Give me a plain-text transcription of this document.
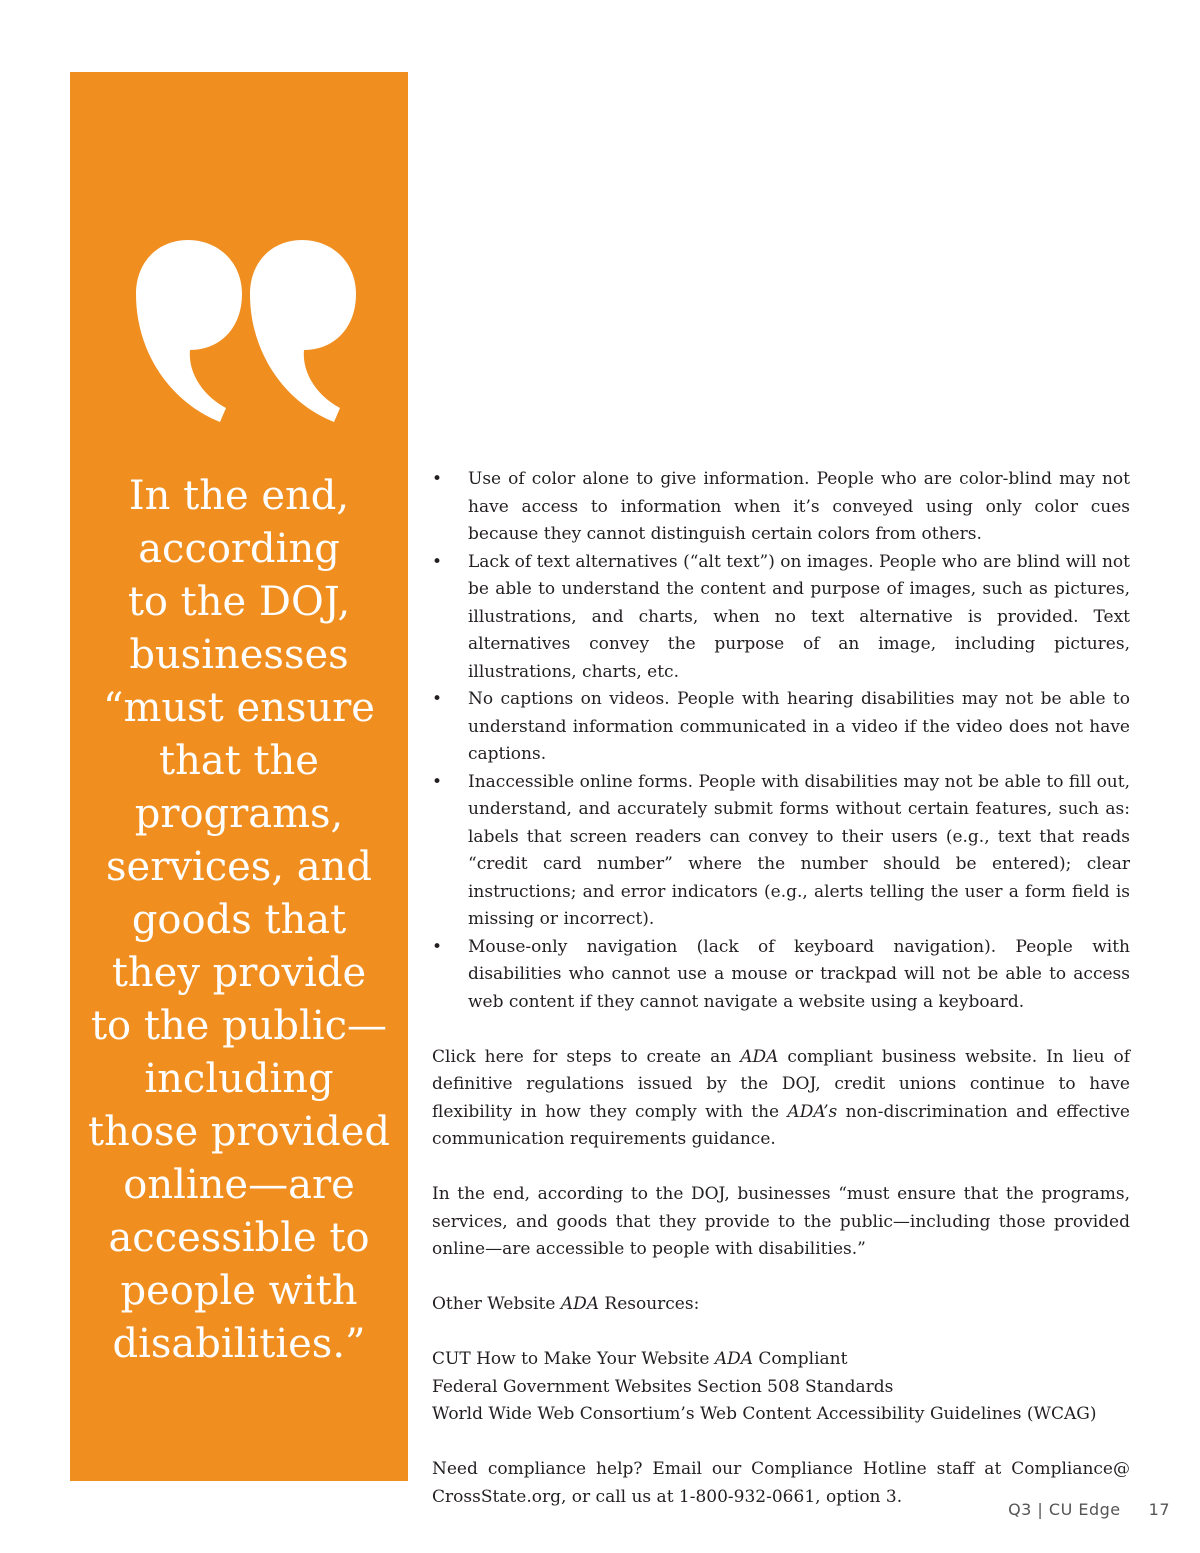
In the end,
according
to the DOJ,
businesses
“must ensure
that the
programs,
services, and
goods that
they provide
to the public—
including
those provided
online—are
accessible to
people with
disabilities.”
• Use of color alone to give information. People who are color-blind may not have access to information when it’s conveyed using only color cues because they cannot distinguish certain colors from others.
• Lack of text alternatives (“alt text”) on images. People who are blind will not be able to understand the content and purpose of images, such as pictures, illustrations, and charts, when no text alternative is provided. Text alternatives convey the purpose of an image, including pictures, illustrations, charts, etc.
• No captions on videos. People with hearing disabilities may not be able to understand information communicated in a video if the video does not have captions.
• Inaccessible online forms. People with disabilities may not be able to fill out, understand, and accurately submit forms without certain features, such as: labels that screen readers can convey to their users (e.g., text that reads “credit card number” where the number should be entered); clear instructions; and error indicators (e.g., alerts telling the user a form field is missing or incorrect).
• Mouse-only navigation (lack of keyboard navigation). People with disabilities who cannot use a mouse or trackpad will not be able to access web content if they cannot navigate a website using a keyboard.

Click here for steps to create an ADA compliant business website. In lieu of definitive regulations issued by the DOJ, credit unions continue to have flexibility in how they comply with the ADA’s non-discrimination and effective communication requirements guidance.

In the end, according to the DOJ, businesses “must ensure that the programs, services, and goods that they provide to the public—including those provided online—are accessible to people with disabilities.”

Other Website ADA Resources:

CUT How to Make Your Website ADA Compliant
Federal Government Websites Section 508 Standards
World Wide Web Consortium’s Web Content Accessibility Guidelines (WCAG)

Need compliance help? Email our Compliance Hotline staff at Compliance@ CrossState.org, or call us at 1-800-932-0661, option 3.

Q3 | CU Edge 17
